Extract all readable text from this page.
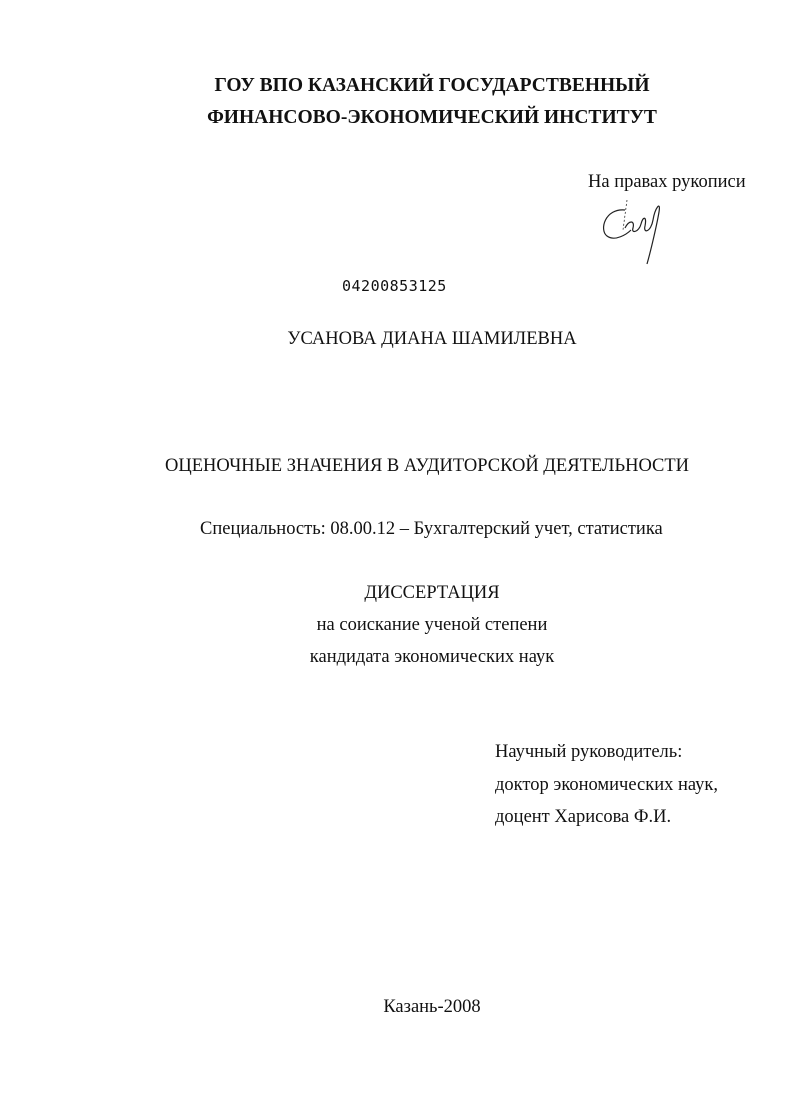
ГОУ ВПО КАЗАНСКИЙ ГОСУДАРСТВЕННЫЙ
ФИНАНСОВО-ЭКОНОМИЧЕСКИЙ ИНСТИТУТ
На правах рукописи
04200853125
УСАНОВА ДИАНА ШАМИЛЕВНА
ОЦЕНОЧНЫЕ ЗНАЧЕНИЯ В АУДИТОРСКОЙ ДЕЯТЕЛЬНОСТИ
Специальность: 08.00.12 – Бухгалтерский учет, статистика
ДИССЕРТАЦИЯ
на соискание ученой степени
кандидата экономических наук
Научный руководитель:
доктор экономических наук,
доцент Харисова Ф.И.
Казань-2008
